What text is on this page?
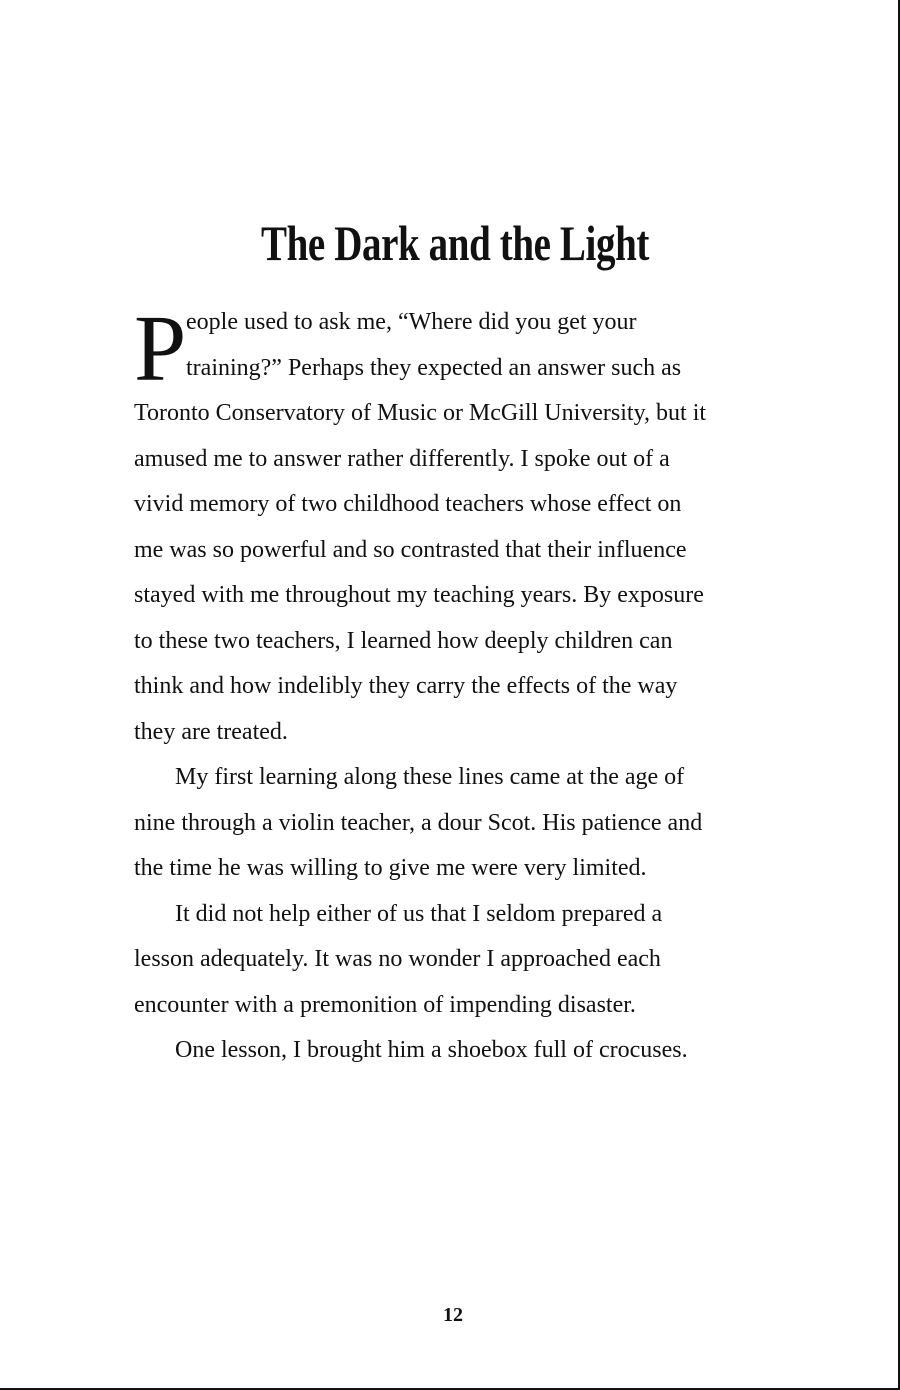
The Dark and the Light
P eople used to ask me, “Where did you get your
training?” Perhaps they expected an answer such as
Toronto Conservatory of Music or McGill University, but it
amused me to answer rather differently. I spoke out of a
vivid memory of two childhood teachers whose effect on
me was so powerful and so contrasted that their influence
stayed with me throughout my teaching years. By exposure
to these two teachers, I learned how deeply children can
think and how indelibly they carry the effects of the way
they are treated.
My first learning along these lines came at the age of
nine through a violin teacher, a dour Scot. His patience and
the time he was willing to give me were very limited.
It did not help either of us that I seldom prepared a
lesson adequately. It was no wonder I approached each
encounter with a premonition of impending disaster.
One lesson, I brought him a shoebox full of crocuses.
12
